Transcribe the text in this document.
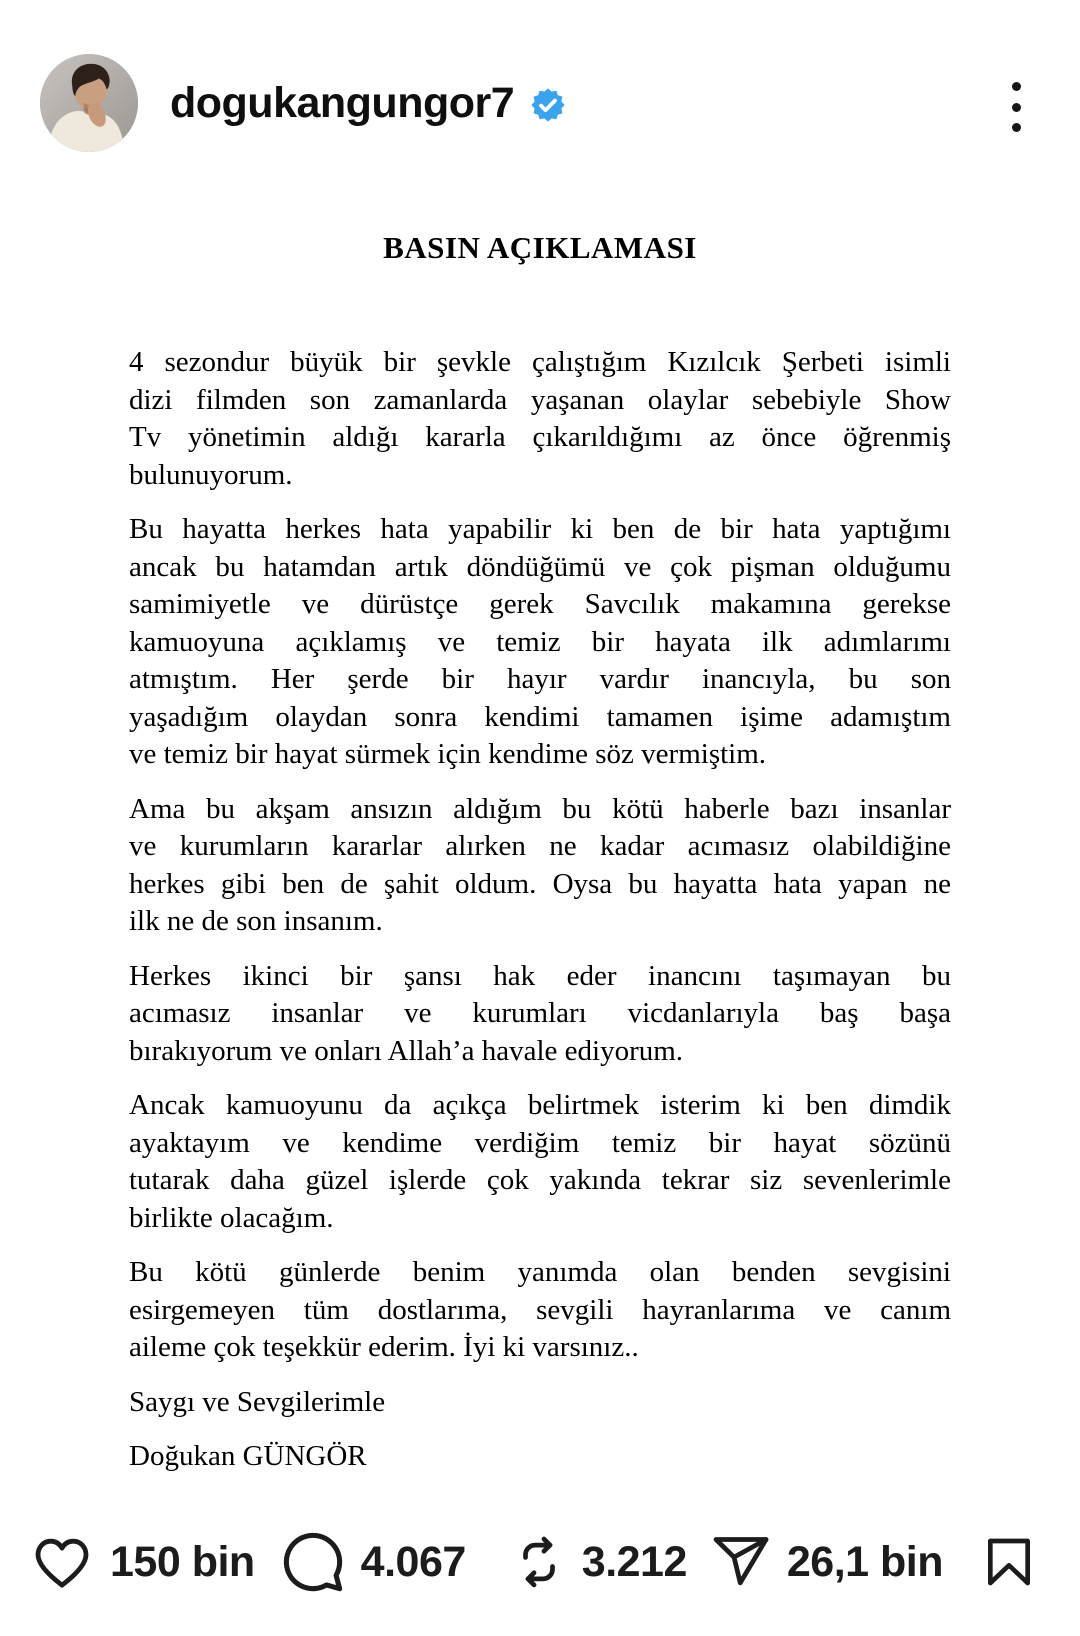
dogukangungor7
BASIN AÇIKLAMASI
4 sezondur büyük bir şevkle çalıştığım Kızılcık Şerbeti isimli
dizi filmden son zamanlarda yaşanan olaylar sebebiyle Show
Tv yönetimin aldığı kararla çıkarıldığımı az önce öğrenmiş
bulunuyorum.
Bu hayatta herkes hata yapabilir ki ben de bir hata yaptığımı
ancak bu hatamdan artık döndüğümü ve çok pişman olduğumu
samimiyetle ve dürüstçe gerek Savcılık makamına gerekse
kamuoyuna açıklamış ve temiz bir hayata ilk adımlarımı
atmıştım. Her şerde bir hayır vardır inancıyla, bu son
yaşadığım olaydan sonra kendimi tamamen işime adamıştım
ve temiz bir hayat sürmek için kendime söz vermiştim.
Ama bu akşam ansızın aldığım bu kötü haberle bazı insanlar
ve kurumların kararlar alırken ne kadar acımasız olabildiğine
herkes gibi ben de şahit oldum. Oysa bu hayatta hata yapan ne
ilk ne de son insanım.
Herkes ikinci bir şansı hak eder inancını taşımayan bu
acımasız insanlar ve kurumları vicdanlarıyla baş başa
bırakıyorum ve onları Allah’a havale ediyorum.
Ancak kamuoyunu da açıkça belirtmek isterim ki ben dimdik
ayaktayım ve kendime verdiğim temiz bir hayat sözünü
tutarak daha güzel işlerde çok yakında tekrar siz sevenlerimle
birlikte olacağım.
Bu kötü günlerde benim yanımda olan benden sevgisini
esirgemeyen tüm dostlarıma, sevgili hayranlarıma ve canım
aileme çok teşekkür ederim. İyi ki varsınız..
Saygı ve Sevgilerimle
Doğukan GÜNGÖR
150 bin 4.067	3.212 26,1 bin
